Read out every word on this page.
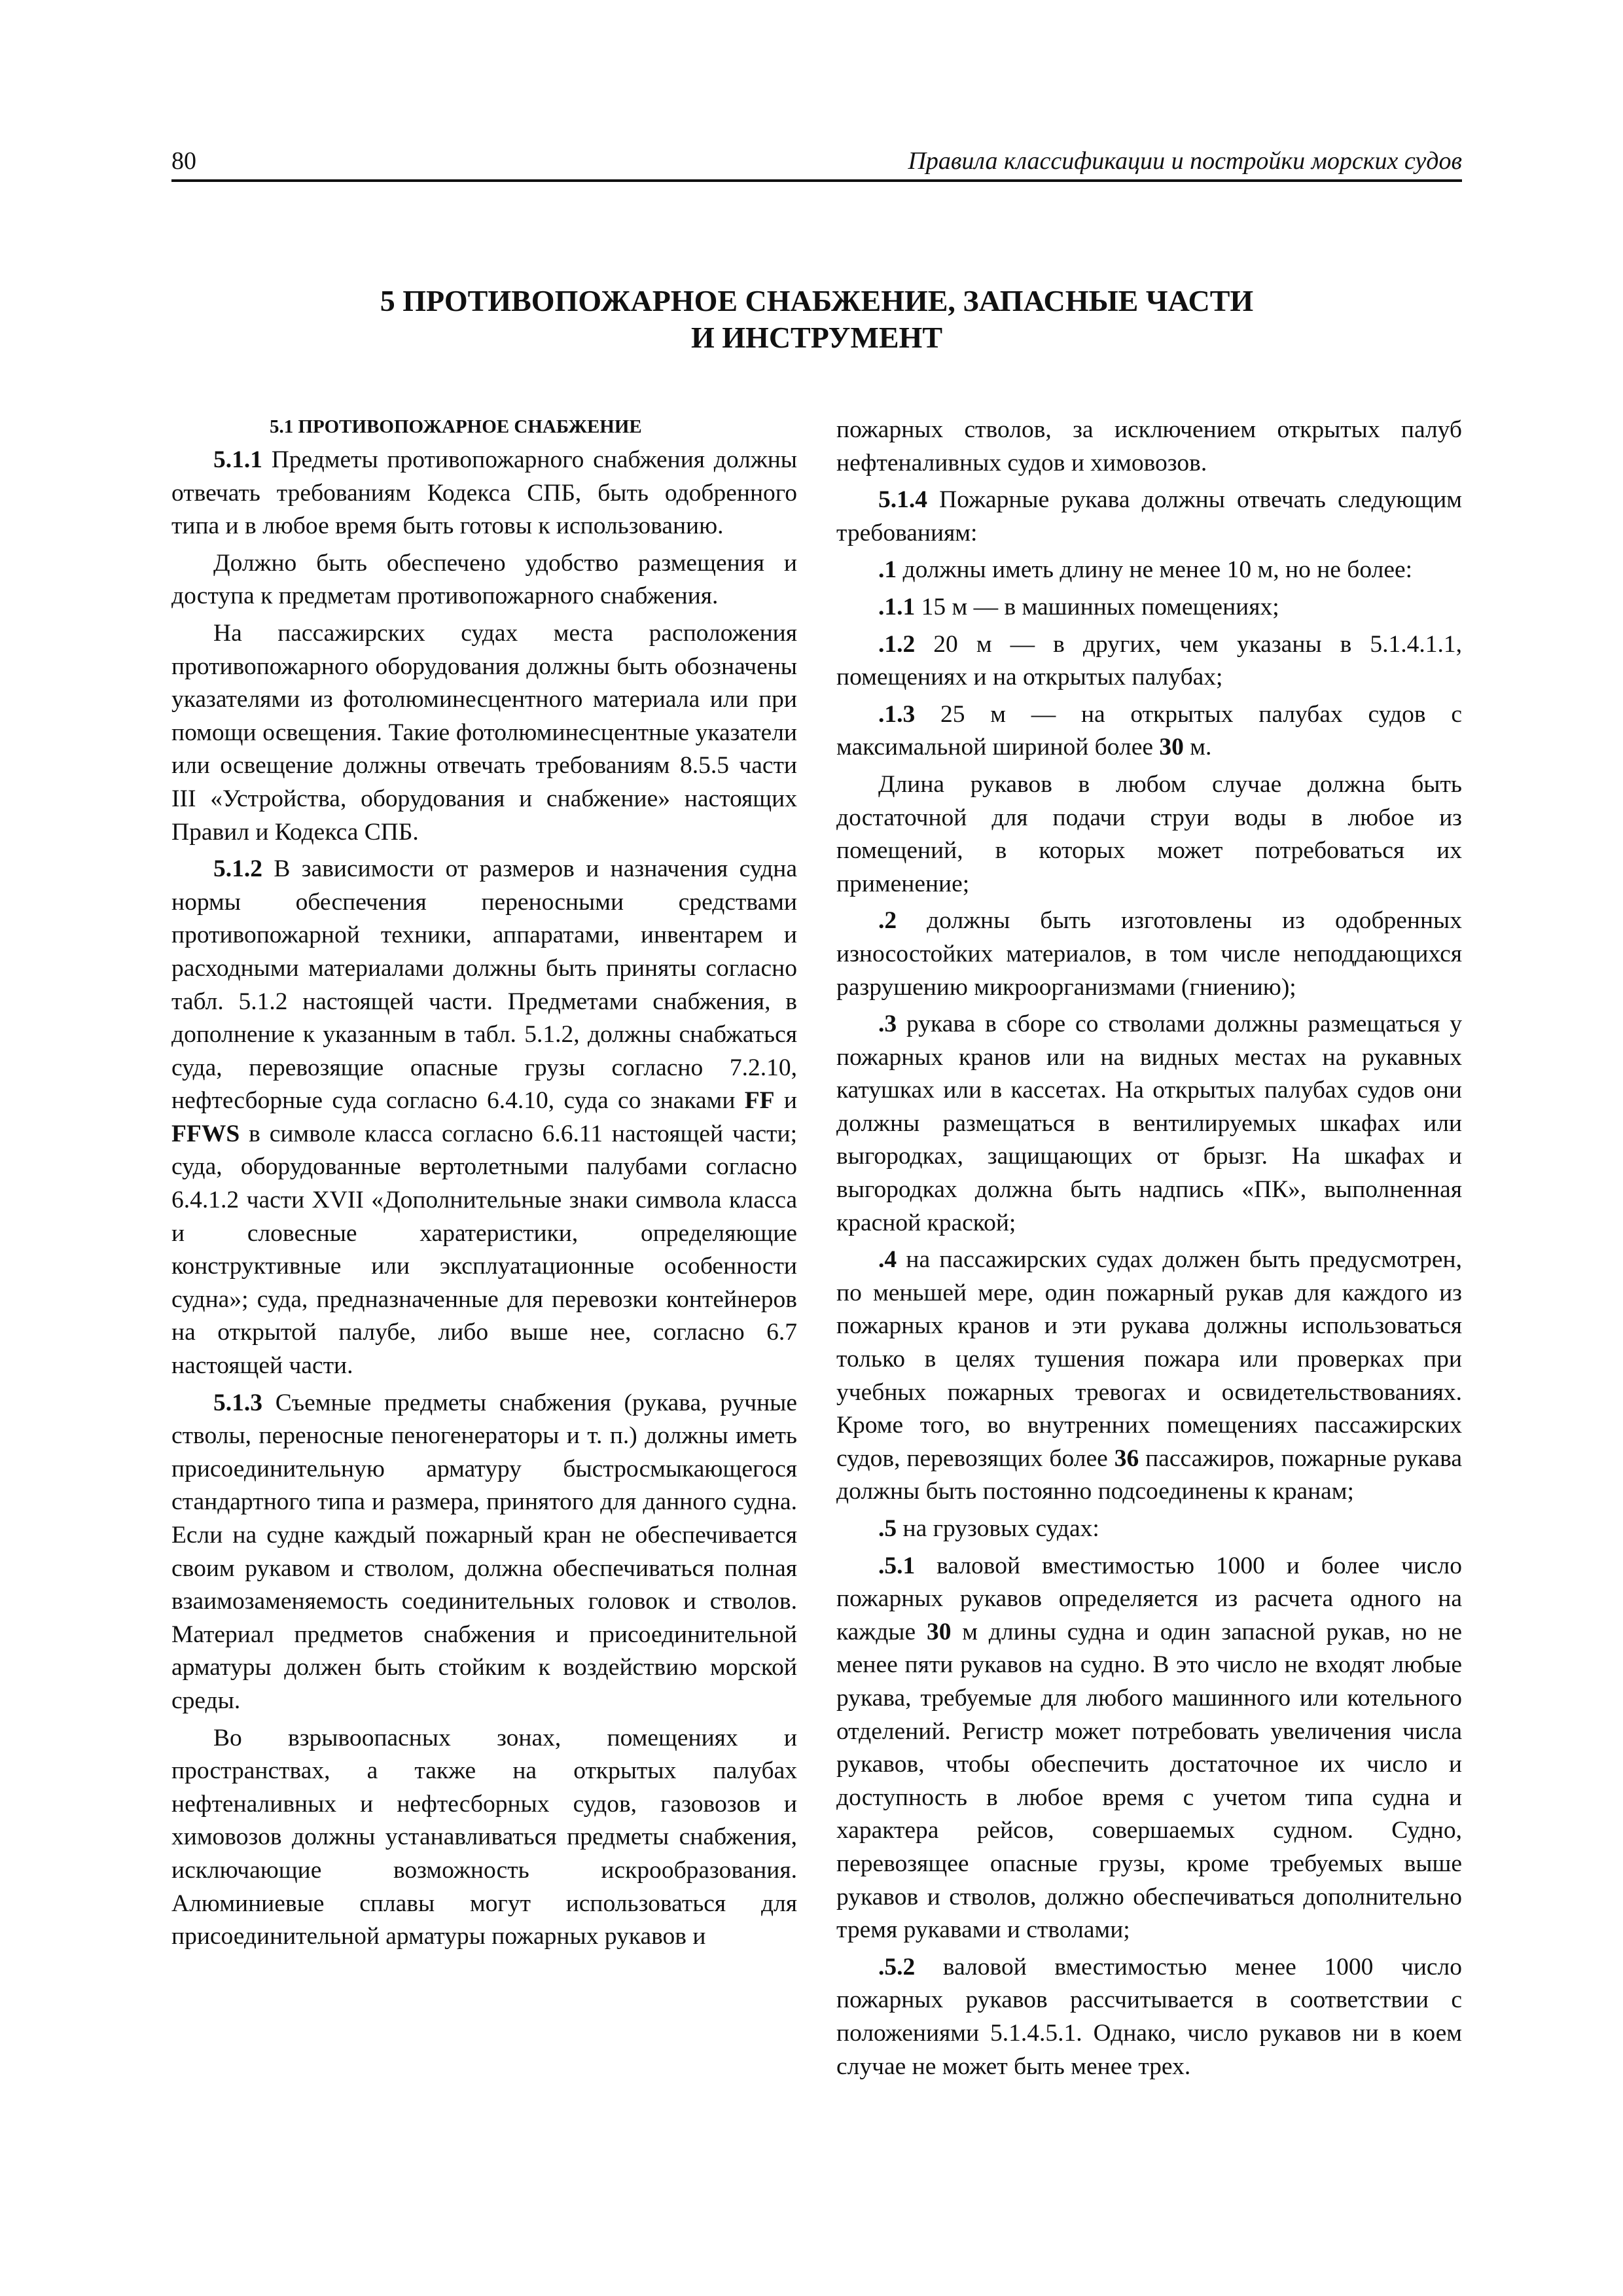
80	Правила классификации и постройки морских судов
5 ПРОТИВОПОЖАРНОЕ СНАБЖЕНИЕ, ЗАПАСНЫЕ ЧАСТИ
И ИНСТРУМЕНТ

5.1 ПРОТИВОПОЖАРНОЕ СНАБЖЕНИЕ

5.1.1 Предметы противопожарного снабжения должны отвечать требованиям Кодекса СПБ, быть одобренного типа и в любое время быть готовы к использованию.

Должно быть обеспечено удобство размещения и доступа к предметам противопожарного снабжения.

На пассажирских судах места расположения противопожарного оборудования должны быть обозначены указателями из фотолюминесцентного материала или при помощи освещения. Такие фотолюминесцентные указатели или освещение должны отвечать требованиям 8.5.5 части III «Устройства, оборудования и снабжение» настоящих Правил и Кодекса СПБ.

5.1.2 В зависимости от размеров и назначения судна нормы обеспечения переносными средствами противопожарной техники, аппаратами, инвентарем и расходными материалами должны быть приняты согласно табл. 5.1.2 настоящей части. Предметами снабжения, в дополнение к указанным в табл. 5.1.2, должны снабжаться суда, перевозящие опасные грузы согласно 7.2.10, нефтесборные суда согласно 6.4.10, суда со знаками FF и FFWS в символе класса согласно 6.6.11 настоящей части; суда, оборудованные вертолетными палубами согласно 6.4.1.2 части XVII «Дополнительные знаки символа класса и словесные харатеристики, определяющие конструктивные или эксплуатационные особенности судна»; суда, предназначенные для перевозки контейнеров на открытой палубе, либо выше нее, согласно 6.7 настоящей части.

5.1.3 Съемные предметы снабжения (рукава, ручные стволы, переносные пеногенераторы и т. п.) должны иметь присоединительную арматуру быстросмыкающегося стандартного типа и размера, принятого для данного судна. Если на судне каждый пожарный кран не обеспечивается своим рукавом и стволом, должна обеспечиваться полная взаимозаменяемость соединительных головок и стволов. Материал предметов снабжения и присоединительной арматуры должен быть стойким к воздействию морской среды.

Во взрывоопасных зонах, помещениях и пространствах, а также на открытых палубах нефтеналивных и нефтесборных судов, газовозов и химовозов должны устанавливаться предметы снабжения, исключающие возможность искрообразования. Алюминиевые сплавы могут использоваться для присоединительной арматуры пожарных рукавов и

пожарных стволов, за исключением открытых палуб нефтеналивных судов и химовозов.

5.1.4 Пожарные рукава должны отвечать следующим требованиям:

.1 должны иметь длину не менее 10 м, но не более:

.1.1 15 м — в машинных помещениях;

.1.2 20 м — в других, чем указаны в 5.1.4.1.1, помещениях и на открытых палубах;

.1.3 25 м — на открытых палубах судов с максимальной шириной более 30 м.

Длина рукавов в любом случае должна быть достаточной для подачи струи воды в любое из помещений, в которых может потребоваться их применение;

.2 должны быть изготовлены из одобренных износостойких материалов, в том числе неподдающихся разрушению микроорганизмами (гниению);

.3 рукава в сборе со стволами должны размещаться у пожарных кранов или на видных местах на рукавных катушках или в кассетах. На открытых палубах судов они должны размещаться в вентилируемых шкафах или выгородках, защищающих от брызг. На шкафах и выгородках должна быть надпись «ПК», выполненная красной краской;

.4 на пассажирских судах должен быть предусмотрен, по меньшей мере, один пожарный рукав для каждого из пожарных кранов и эти рукава должны использоваться только в целях тушения пожара или проверках при учебных пожарных тревогах и освидетельствованиях. Кроме того, во внутренних помещениях пассажирских судов, перевозящих более 36 пассажиров, пожарные рукава должны быть постоянно подсоединены к кранам;

.5 на грузовых судах:

.5.1 валовой вместимостью 1000 и более число пожарных рукавов определяется из расчета одного на каждые 30 м длины судна и один запасной рукав, но не менее пяти рукавов на судно. В это число не входят любые рукава, требуемые для любого машинного или котельного отделений. Регистр может потребовать увеличения числа рукавов, чтобы обеспечить достаточное их число и доступность в любое время с учетом типа судна и характера рейсов, совершаемых судном. Судно, перевозящее опасные грузы, кроме требуемых выше рукавов и стволов, должно обеспечиваться дополнительно тремя рукавами и стволами;

.5.2 валовой вместимостью менее 1000 число пожарных рукавов рассчитывается в соответствии с положениями 5.1.4.5.1. Однако, число рукавов ни в коем случае не может быть менее трех.
